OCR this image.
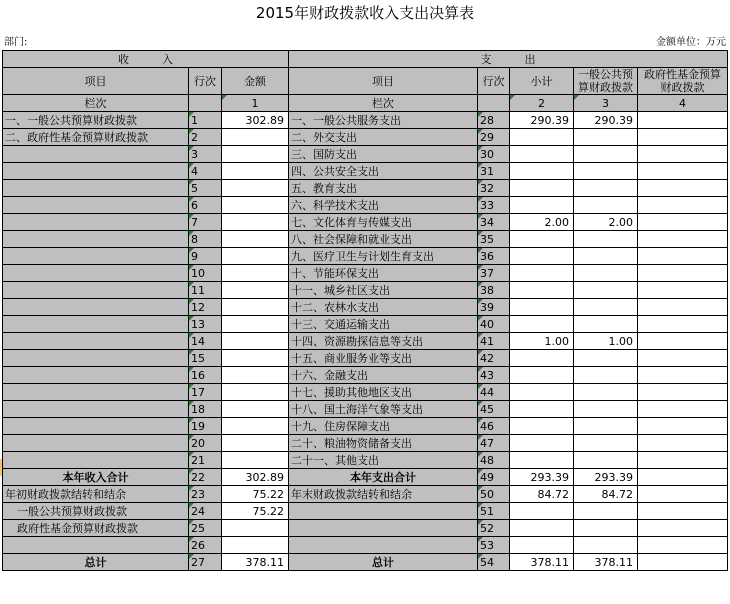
2015年财政拨款收入支出决算表
部门:	金额单位：万元
收　　　入			支　　　出				
项目	行次	金额	项目	行次	小计	一般公共预算财政拨款	政府性基金预算财政拨款
栏次		1	栏次		2	3	4
一、一般公共预算财政拨款	1	302.89	一、一般公共服务支出	28	290.39	290.39	
二、政府性基金预算财政拨款	2		二、外交支出	29			
	3		三、国防支出	30			
	4		四、公共安全支出	31			
	5		五、教育支出	32			
	6		六、科学技术支出	33			
	7		七、文化体育与传媒支出	34	2.00	2.00	
	8		八、社会保障和就业支出	35			
	9		九、医疗卫生与计划生育支出	36			
	10		十、节能环保支出	37			
	11		十一、城乡社区支出	38			
	12		十二、农林水支出	39			
	13		十三、交通运输支出	40			
	14		十四、资源勘探信息等支出	41	1.00	1.00	
	15		十五、商业服务业等支出	42			
	16		十六、金融支出	43			
	17		十七、援助其他地区支出	44			
	18		十八、国土海洋气象等支出	45			
	19		十九、住房保障支出	46			
	20		二十、粮油物资储备支出	47			
	21		二十一、其他支出	48			
本年收入合计	22	302.89	本年支出合计	49	293.39	293.39	
年初财政拨款结转和结余	23	75.22	年末财政拨款结转和结余	50	84.72	84.72	
一般公共预算财政拨款	24	75.22		51			
政府性基金预算财政拨款	25			52			
	26			53			
总计	27	378.11	总计	54	378.11	378.11	
